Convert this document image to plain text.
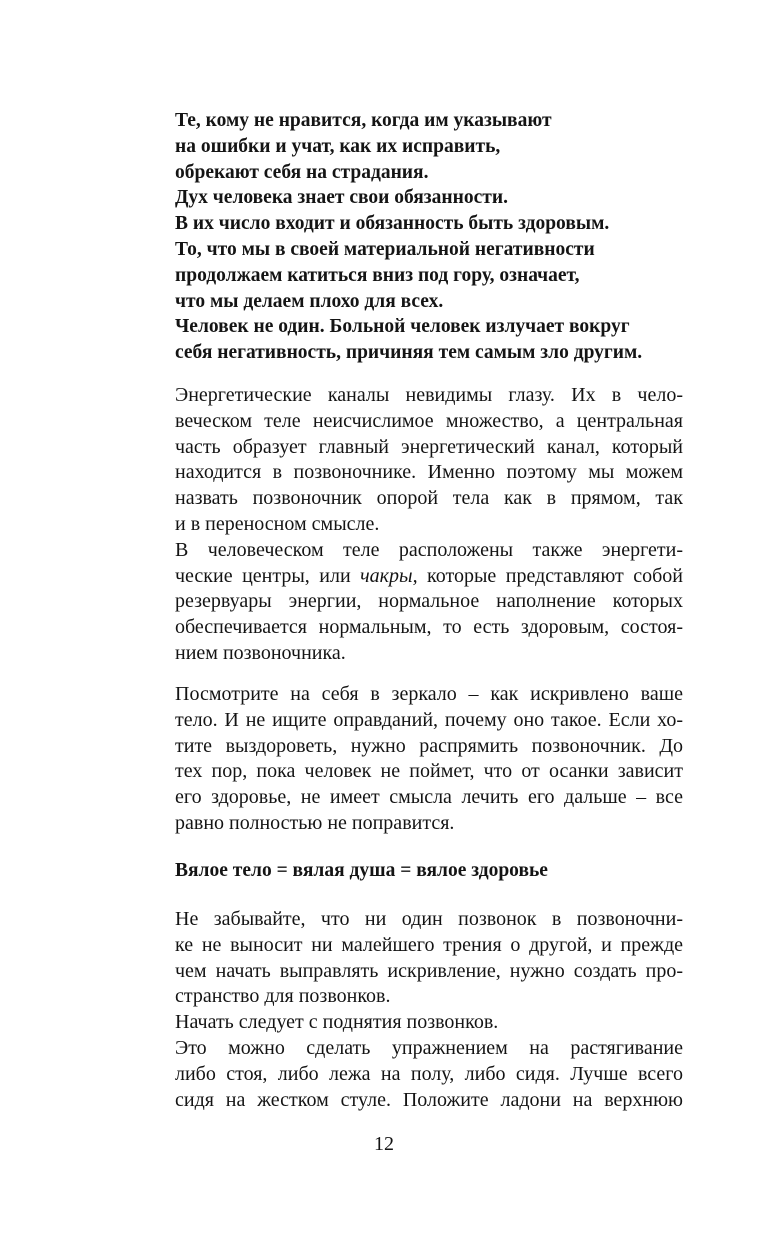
Те, кому не нравится, когда им указывают
на ошибки и учат, как их исправить,
обрекают себя на страдания.
Дух человека знает свои обязанности.
В их число входит и обязанность быть здоровым.
То, что мы в своей материальной негативности
продолжаем катиться вниз под гору, означает,
что мы делаем плохо для всех.
Человек не один. Больной человек излучает вокруг
себя негативность, причиняя тем самым зло другим.
Энергетические каналы невидимы глазу. Их в чело-
веческом теле неисчислимое множество, а центральная
часть образует главный энергетический канал, который
находится в позвоночнике. Именно поэтому мы можем
назвать позвоночник опорой тела как в прямом, так
и в переносном смысле.
В человеческом теле расположены также энергети-
ческие центры, или чакры, которые представляют собой
резервуары энергии, нормальное наполнение которых
обеспечивается нормальным, то есть здоровым, состоя-
нием позвоночника.
Посмотрите на себя в зеркало – как искривлено ваше
тело. И не ищите оправданий, почему оно такое. Если хо-
тите выздороветь, нужно распрямить позвоночник. До
тех пор, пока человек не поймет, что от осанки зависит
его здоровье, не имеет смысла лечить его дальше – все
равно полностью не поправится.
Вялое тело = вялая душа = вялое здоровье
Не забывайте, что ни один позвонок в позвоночни-
ке не выносит ни малейшего трения о другой, и прежде
чем начать выправлять искривление, нужно создать про-
странство для позвонков.
Начать следует с поднятия позвонков.
Это можно сделать упражнением на растягивание
либо стоя, либо лежа на полу, либо сидя. Лучше всего
сидя на жестком стуле. Положите ладони на верхнюю
12
